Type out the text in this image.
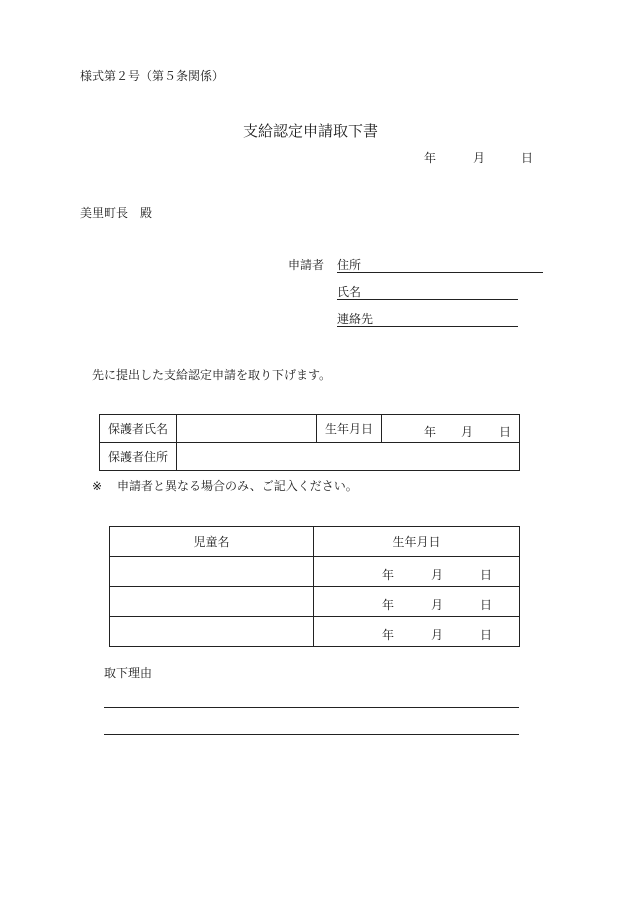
様式第２号（第５条関係）
支給認定申請取下書
年	月	日
美里町長　殿
申請者 住所
氏名
連絡先
先に提出した支給認定申請を取り下げます。
保護者氏名		生年月日	年 月 日

保護者住所			
※ 申請者と異なる場合のみ、ご記入ください。
児童名	生年月日

	年 月 日

	年 月 日

	年 月 日
取下理由
